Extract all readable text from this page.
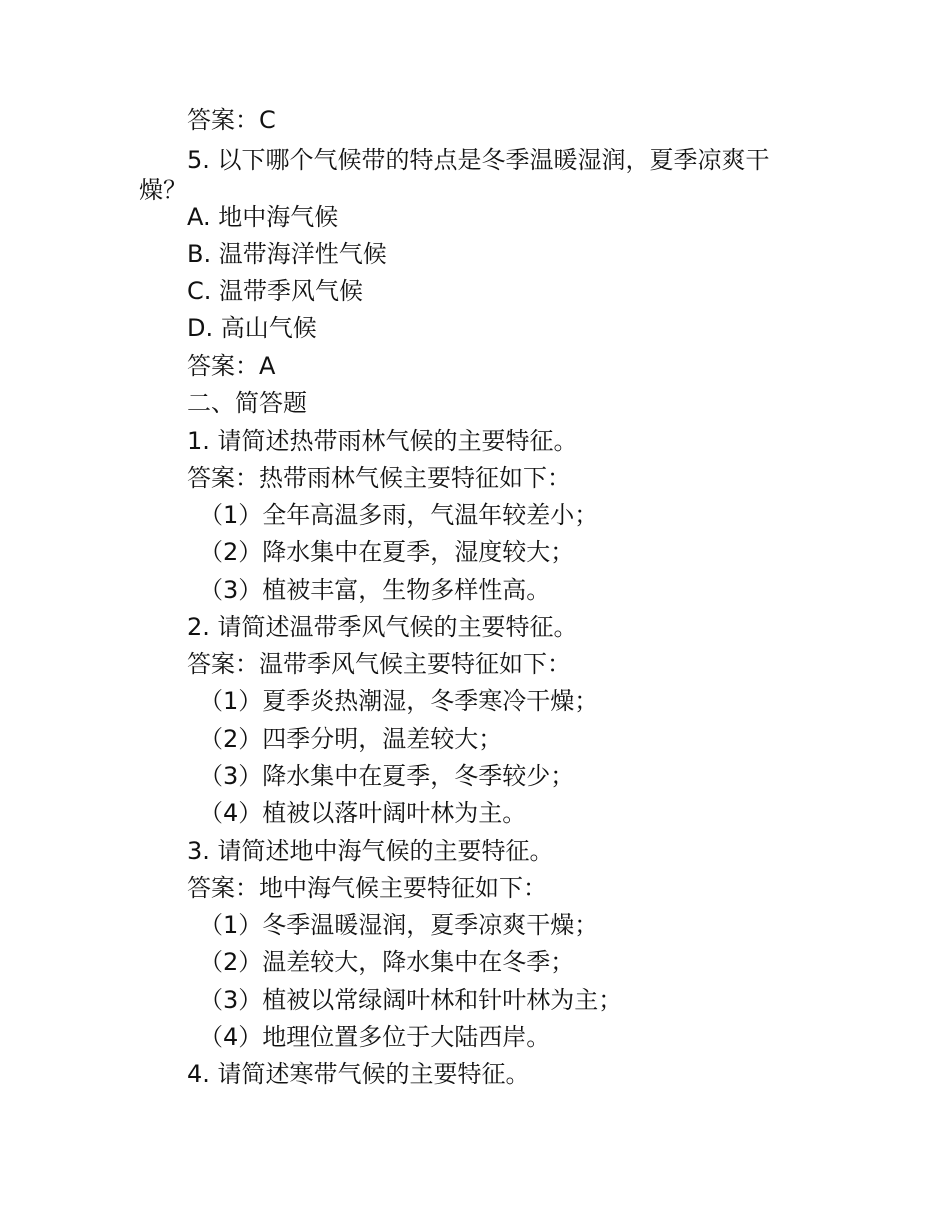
答案：C
5. 以下哪个气候带的特点是冬季温暖湿润，夏季凉爽干
燥？
A. 地中海气候
B. 温带海洋性气候
C. 温带季风气候
D. 高山气候
答案：A
二、简答题
1. 请简述热带雨林气候的主要特征。
答案：热带雨林气候主要特征如下：
（1）全年高温多雨，气温年较差小；
（2）降水集中在夏季，湿度较大；
（3）植被丰富，生物多样性高。
2. 请简述温带季风气候的主要特征。
答案：温带季风气候主要特征如下：
（1）夏季炎热潮湿，冬季寒冷干燥；
（2）四季分明，温差较大；
（3）降水集中在夏季，冬季较少；
（4）植被以落叶阔叶林为主。
3. 请简述地中海气候的主要特征。
答案：地中海气候主要特征如下：
（1）冬季温暖湿润，夏季凉爽干燥；
（2）温差较大，降水集中在冬季；
（3）植被以常绿阔叶林和针叶林为主；
（4）地理位置多位于大陆西岸。
4. 请简述寒带气候的主要特征。
